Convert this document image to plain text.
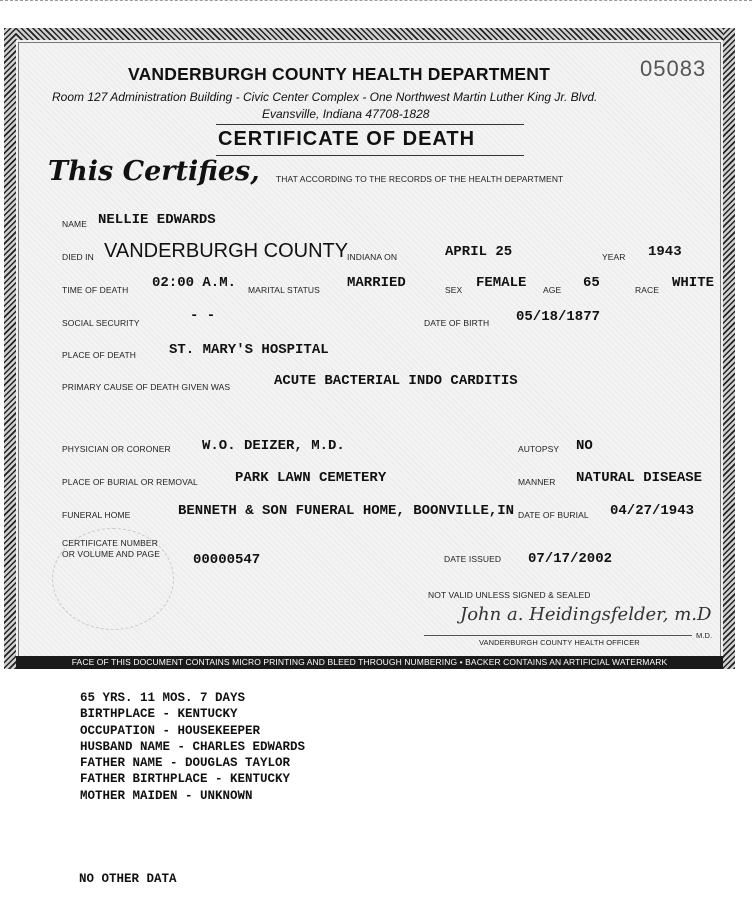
05083
VANDERBURGH COUNTY HEALTH DEPARTMENT
Room 127 Administration Building - Civic Center Complex - One Northwest Martin Luther King Jr. Blvd.
Evansville, Indiana 47708-1828
CERTIFICATE OF DEATH
This Certifies, THAT ACCORDING TO THE RECORDS OF THE HEALTH DEPARTMENT
NAME NELLIE EDWARDS
DIED IN VANDERBURGH COUNTY
INDIANA ON	APRIL 25	YEAR 1943
TIME OF DEATH 02:00 A.M. MARITAL STATUS MARRIED	SEX FEMALE AGE 65	RACE WHITE
SOCIAL SECURITY	- -	DATE OF BIRTH 05/18/1877
PLACE OF DEATH ST. MARY'S HOSPITAL
PRIMARY CAUSE OF DEATH GIVEN WAS	ACUTE BACTERIAL INDO CARDITIS
PHYSICIAN OR CORONER W.O. DEIZER, M.D.	AUTOPSY NO
PLACE OF BURIAL OR REMOVAL	PARK LAWN CEMETERY	MANNER NATURAL DISEASE
FUNERAL HOME	BENNETH & SON FUNERAL HOME, BOONVILLE,IN DATE OF BURIAL 04/27/1943
CERTIFICATE NUMBER
OR VOLUME AND PAGE 00000547	DATE ISSUED 07/17/2002
NOT VALID UNLESS SIGNED & SEALED
John a. Heidingsfelder, m.D
VANDERBURGH COUNTY HEALTH OFFICER
M.D.
FACE OF THIS DOCUMENT CONTAINS MICRO PRINTING AND BLEED THROUGH NUMBERING • BACKER CONTAINS AN ARTIFICIAL WATERMARK
65 YRS. 11 MOS. 7 DAYS
BIRTHPLACE - KENTUCKY
OCCUPATION - HOUSEKEEPER
HUSBAND NAME - CHARLES EDWARDS
FATHER NAME - DOUGLAS TAYLOR
FATHER BIRTHPLACE - KENTUCKY
MOTHER MAIDEN - UNKNOWN
NO OTHER DATA
